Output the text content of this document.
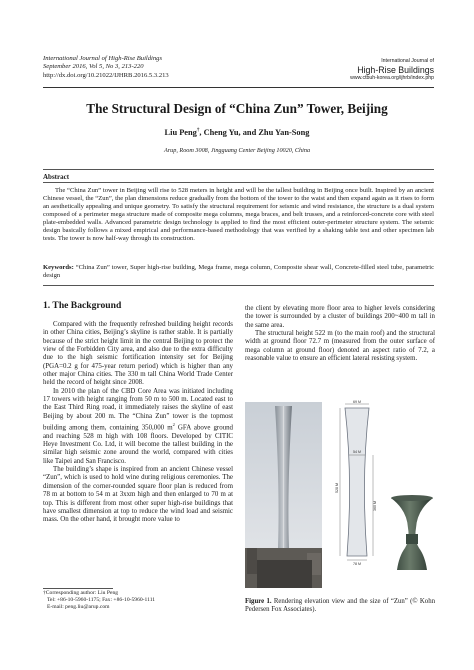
International Journal of High-Rise Buildings
September 2016, Vol 5, No 3, 213-220
http://dx.doi.org/10.21022/IJHRB.2016.5.3.213
International Journal of
High-Rise Buildings
www.ctbuh-korea.org/ijhrb/index.php
The Structural Design of “China Zun” Tower, Beijing
Liu Peng†, Cheng Yu, and Zhu Yan-Song
Arup, Room 3008, Jingguang Center Beijing 10020, China
Abstract
The “China Zun” tower in Beijing will rise to 528 meters in height and will be the tallest building in Beijing once built. Inspired by an ancient Chinese vessel, the “Zun”, the plan dimensions reduce gradually from the bottom of the tower to the waist and then expand again as it rises to form an aesthetically appealing and unique geometry. To satisfy the structural requirement for seismic and wind resistance, the structure is a dual system composed of a perimeter mega structure made of composite mega columns, mega braces, and belt trusses, and a reinforced-concrete core with steel plate-embedded walls. Advanced parametric design technology is applied to find the most efficient outer-perimeter structure system. The seismic design basically follows a mixed empirical and performance-based methodology that was verified by a shaking table test and other specimen lab tests. The tower is now half-way through its construction.
Keywords: “China Zun” tower, Super high-rise building, Mega frame, mega column, Composite shear wall, Concrete-filled steel tube, parametric design
1. The Background

Compared with the frequently refreshed building height records in other China cities, Beijing’s skyline is rather stable. It is partially because of the strict height limit in the central Beijing to protect the view of the Forbidden City area, and also due to the extra difficulty due to the high seismic fortification intensity set for Beijing (PGA=0.2 g for 475-year return period) which is higher than any other major China cities. The 330 m tall China World Trade Center held the record of height since 2008.

In 2010 the plan of the CBD Core Area was initiated including 17 towers with height ranging from 50 m to 500 m. Located east to the East Third Ring road, it immediately raises the skyline of east Beijing by about 200 m. The “China Zun” tower is the topmost building among them, containing 350,000 $m^2$ GFA above ground and reaching 528 m high with 108 floors. Developed by CITIC Heye Investment Co. Ltd, it will become the tallest building in the similar high seismic zone around the world, compared with cities like Taipei and San Francisco.

The building’s shape is inspired from an ancient Chinese vessel “Zun”, which is used to hold wine during religious ceremonies. The dimension of the corner-rounded square floor plan is reduced from 78 m at bottom to 54 m at 3xxm high and then enlarged to 70 m at top. This is different from most other super high-rise buildings that have smallest dimension at top to reduce the wind load and seismic mass. On the other hand, it brought more value to

the client by elevating more floor area to higher levels considering the tower is surrounded by a cluster of buildings 200~400 m tall in the same area.

The structural height 522 m (to the main roof) and the structural width at ground floor 72.7 m (measured from the outer surface of mega column at ground floor) denoted an aspect ratio of 7.2, a reasonable value to ensure an efficient lateral resisting system.

†Corresponding author: Liu Peng
Tel: +86-10-5960-1175; Fax: +86-10-5960-1111
E-mail: peng.liu@arup.com
69 M
54 M
528 M
360 M
78 M
Figure 1. Rendering elevation view and the size of “Zun” (© Kohn Pedersen Fox Associates).
